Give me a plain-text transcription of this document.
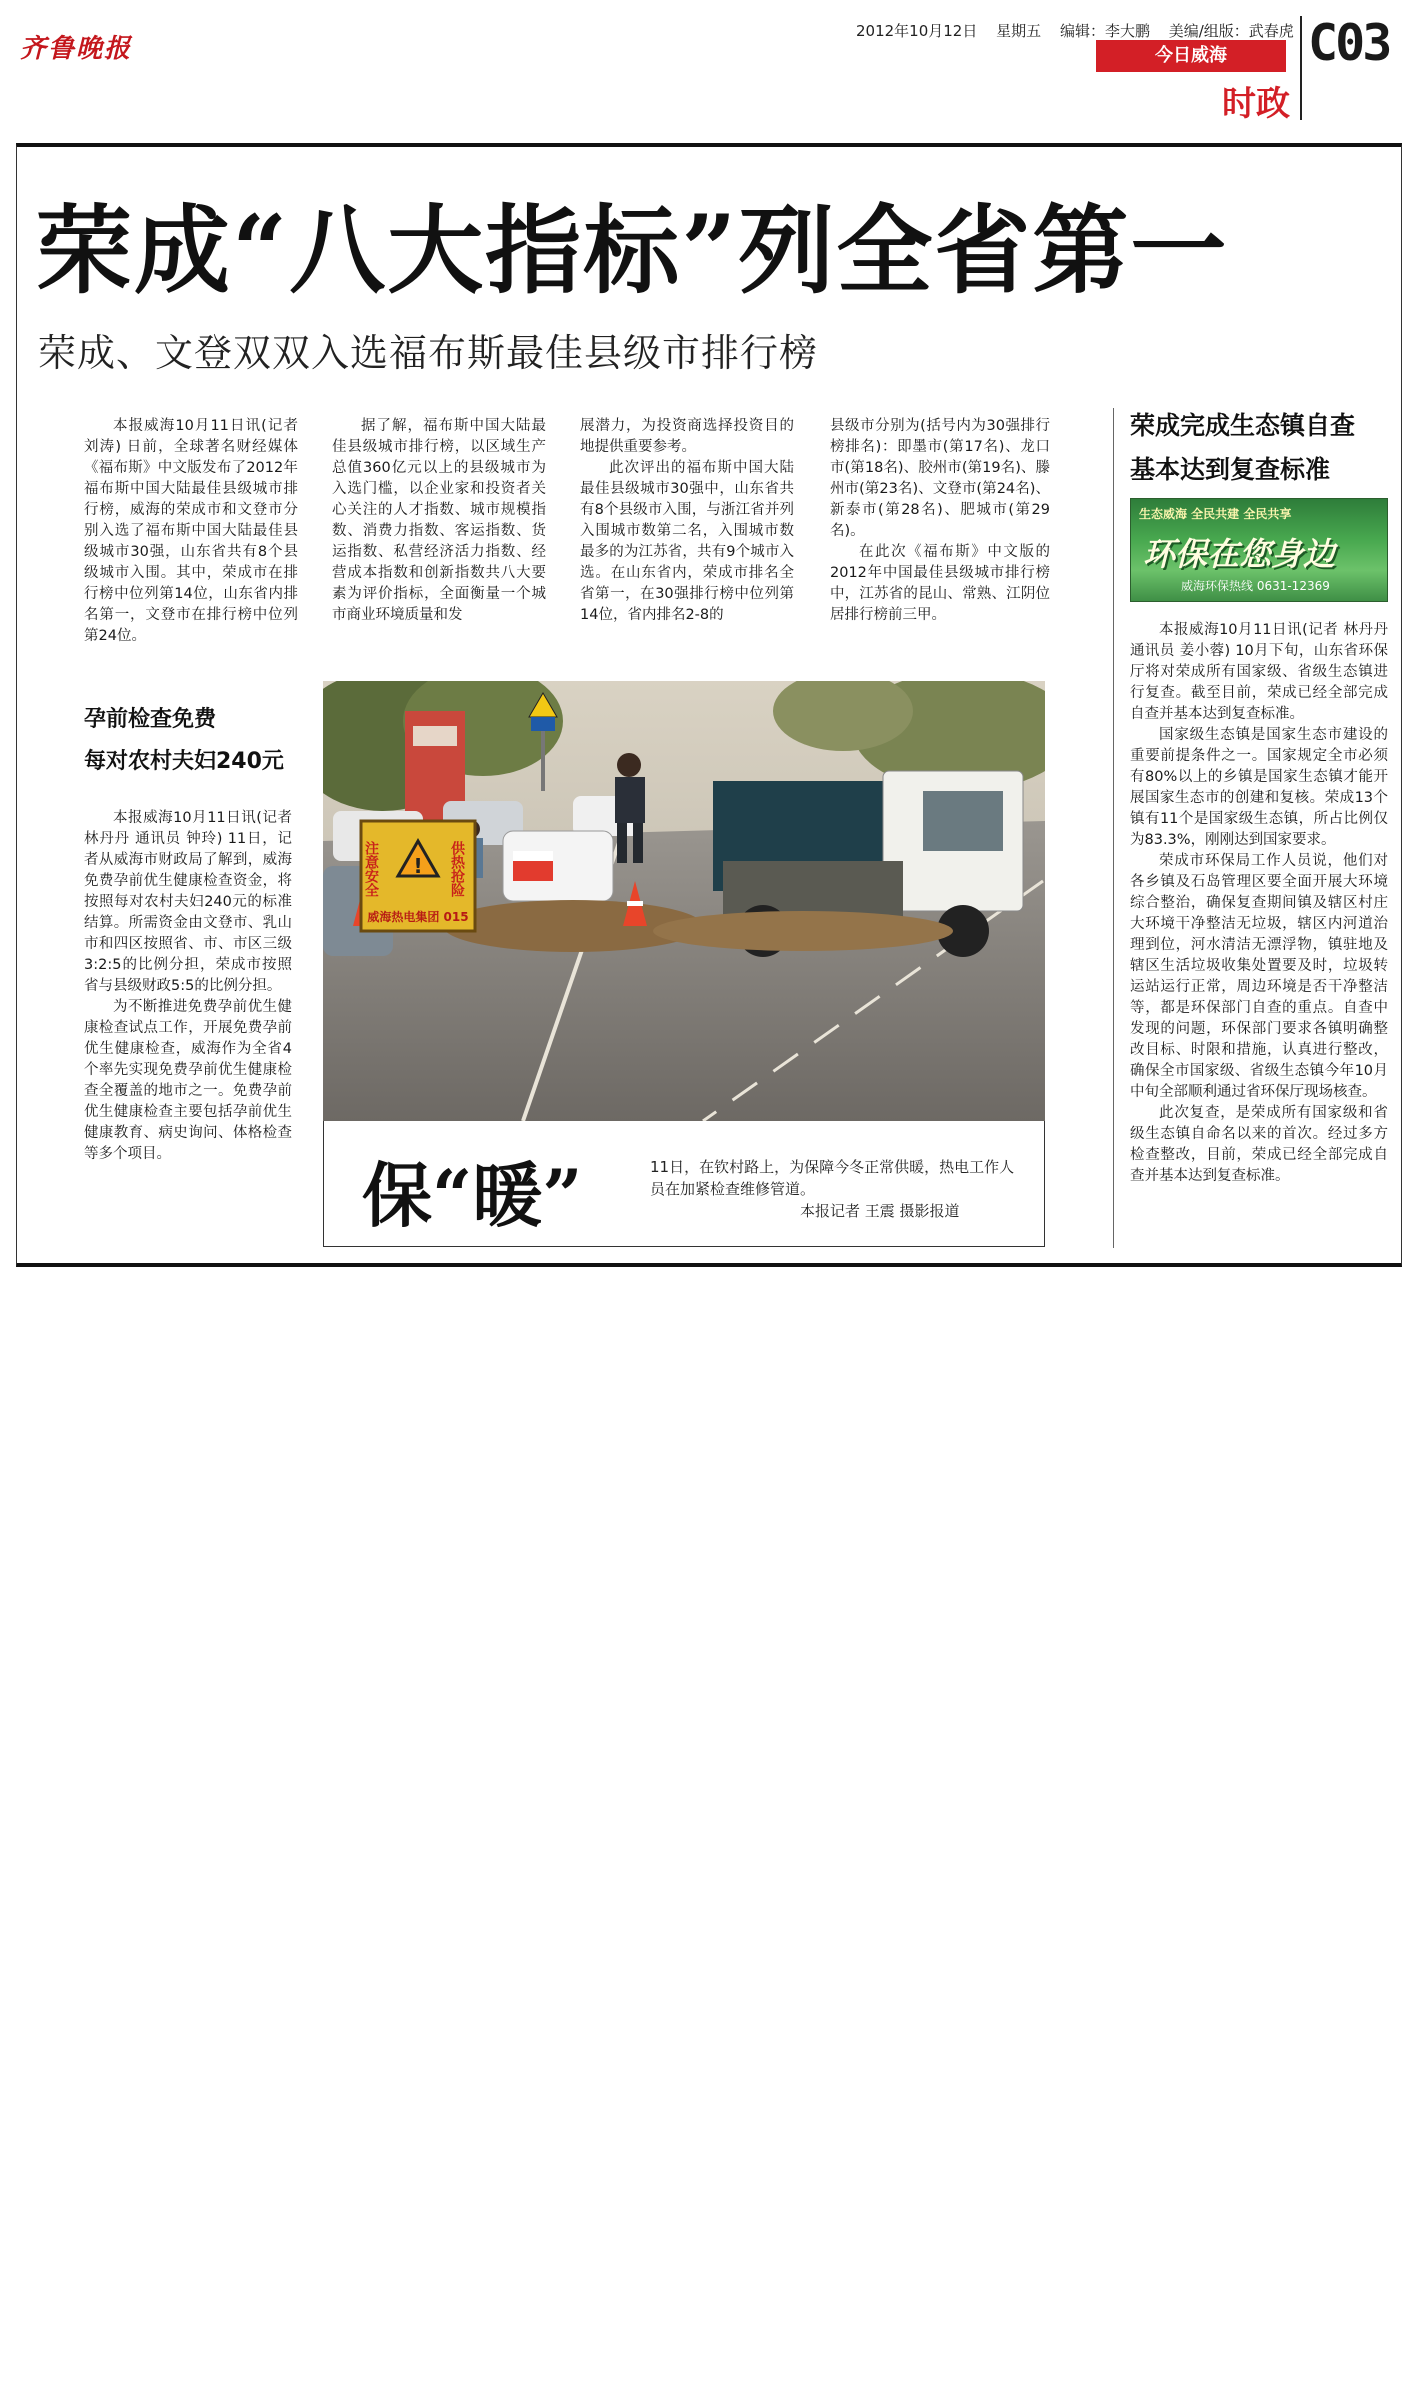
齐鲁晚报
2012年10月12日 星期五 编辑：李大鹏 美编/组版：武春虎
今日威海
时政
C03
荣成“八大指标”列全省第一
荣成、文登双双入选福布斯最佳县级市排行榜

本报威海10月11日讯(记者 刘涛) 日前，全球著名财经媒体《福布斯》中文版发布了2012年福布斯中国大陆最佳县级城市排行榜，威海的荣成市和文登市分别入选了福布斯中国大陆最佳县级城市30强，山东省共有8个县级城市入围。其中，荣成市在排行榜中位列第14位，山东省内排名第一，文登市在排行榜中位列第24位。

据了解，福布斯中国大陆最佳县级城市排行榜，以区域生产总值360亿元以上的县级城市为入选门槛，以企业家和投资者关心关注的人才指数、城市规模指数、消费力指数、客运指数、货运指数、私营经济活力指数、经营成本指数和创新指数共八大要素为评价指标，全面衡量一个城市商业环境质量和发

展潜力，为投资商选择投资目的地提供重要参考。

此次评出的福布斯中国大陆最佳县级城市30强中，山东省共有8个县级市入围，与浙江省并列入围城市数第二名，入围城市数最多的为江苏省，共有9个城市入选。在山东省内，荣成市排名全省第一，在30强排行榜中位列第14位，省内排名2-8的

县级市分别为(括号内为30强排行榜排名)：即墨市(第17名)、龙口市(第18名)、胶州市(第19名)、滕州市(第23名)、文登市(第24名)、新泰市(第28名)、肥城市(第29名)。

在此次《福布斯》中文版的2012年中国最佳县级城市排行榜中，江苏省的昆山、常熟、江阴位居排行榜前三甲。

荣成完成生态镇自查
基本达到复查标准
生态威海 全民共建 全民共享
环保在您身边
威海环保热线 0631-12369

本报威海10月11日讯(记者 林丹丹 通讯员 姜小蓉) 10月下旬，山东省环保厅将对荣成所有国家级、省级生态镇进行复查。截至目前，荣成已经全部完成自查并基本达到复查标准。

国家级生态镇是国家生态市建设的重要前提条件之一。国家规定全市必须有80%以上的乡镇是国家生态镇才能开展国家生态市的创建和复核。荣成13个镇有11个是国家级生态镇，所占比例仅为83.3%，刚刚达到国家要求。

荣成市环保局工作人员说，他们对各乡镇及石岛管理区要全面开展大环境综合整治，确保复查期间镇及辖区村庄大环境干净整洁无垃圾，辖区内河道治理到位，河水清洁无漂浮物，镇驻地及辖区生活垃圾收集处置要及时，垃圾转运站运行正常，周边环境是否干净整洁等，都是环保部门自查的重点。自查中发现的问题，环保部门要求各镇明确整改目标、时限和措施，认真进行整改，确保全市国家级、省级生态镇今年10月中旬全部顺利通过省环保厅现场核查。

此次复查，是荣成所有国家级和省级生态镇自命名以来的首次。经过多方检查整改，目前，荣成已经全部完成自查并基本达到复查标准。

孕前检查免费
每对农村夫妇240元

本报威海10月11日讯(记者 林丹丹 通讯员 钟玲) 11日，记者从威海市财政局了解到，威海免费孕前优生健康检查资金，将按照每对农村夫妇240元的标准结算。所需资金由文登市、乳山市和四区按照省、市、市区三级3:2:5的比例分担，荣成市按照省与县级财政5:5的比例分担。

为不断推进免费孕前优生健康检查试点工作，开展免费孕前优生健康检查，威海作为全省4个率先实现免费孕前优生健康检查全覆盖的地市之一。免费孕前优生健康检查主要包括孕前优生健康教育、病史询问、体格检查等多个项目。

!
注意安全	供热抢险
威海热电集团 015
保“暖”	11日，在钦村路上，为保障今冬正常供暖，热电工作人员在加紧检查维修管道。
本报记者 王震 摄影报道
